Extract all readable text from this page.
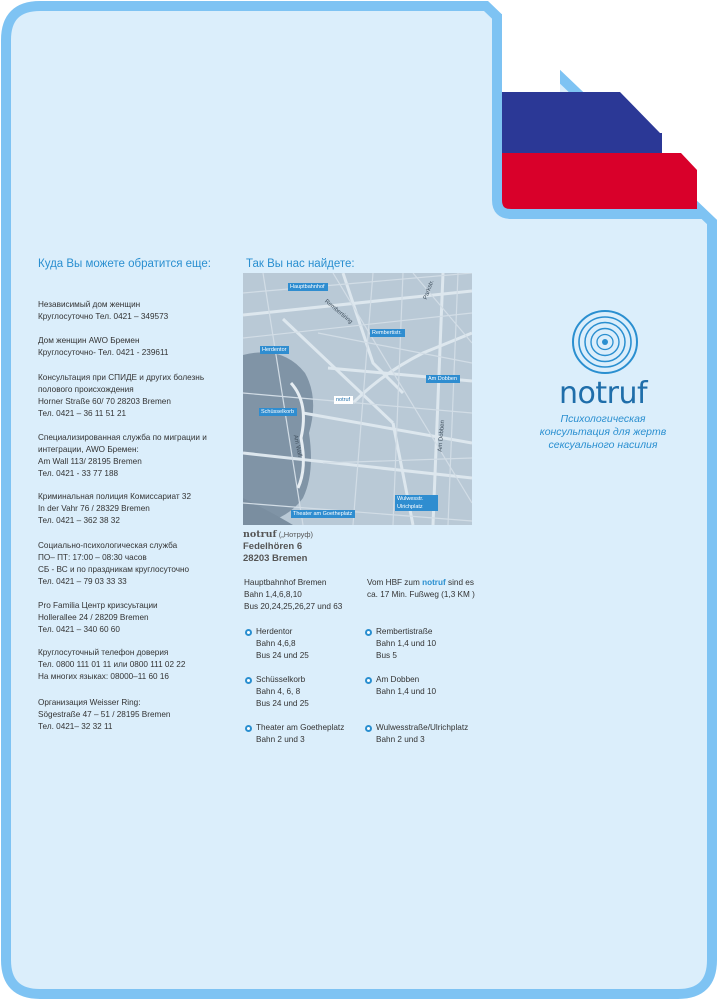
Куда Вы можете обратится еще:
Независимый дом женщин
Круглосуточно Тел. 0421 – 349573
Дом женщин AWO Бремен
Круглосуточно- Тел. 0421 - 239611
Консультация при СПИДЕ и других болезнь
полового происхождения
Horner Straße 60/ 70 28203 Bremen
Тел. 0421 – 36 11 51 21
Специализированная служба по миграции и
интеграции, AWO Бремен:
Am Wall 113/ 28195 Bremen
Тел. 0421 - 33 77 188
Криминальная полиция Комиссариат 32
In der Vahr 76 / 28329 Bremen
Тел. 0421 – 362 38 32
Социально-психологическая служба
ПО– ПТ: 17:00 – 08:30 часов
СБ - ВС и по праздникам круглосуточно
Тел. 0421 – 79 03 33 33
Pro Familia Центр кризсуьтации
Hollerallee 24 / 28209 Bremen
Тел. 0421 – 340 60 60
Круглосуточный телефон доверия
Тел. 0800 111 01 11 или 0800 111 02 22
На многих языках: 08000–11 60 16
Организация Weisser Ring:
Sögestraße 47 – 51 / 28195 Bremen
Тел. 0421– 32 32 11
Так Вы нас найдете:
Hauptbahnhof
Rembertistr.
Herdentor
Am Dobben
notruf
Schüsselkorb
Wulwesstr. Ulrichplatz
Theater am Goetheplatz
Rembertiring
Am Wall	Am Dobben
Parkstr.
notruf („Нотруф)
Fedelhören 6
28203 Bremen
Hauptbahnhof Bremen
Bahn 1,4,6,8,10
Bus 20,24,25,26,27 und 63
Vom HBF zum notruf sind es
ca. 17 Min. Fußweg (1,3 KM )
Herdentor
Bahn 4,6,8
Bus 24 und 25
Schüsselkorb
Bahn 4, 6, 8
Bus 24 und 25
Theater am Goetheplatz
Bahn 2 und 3
Rembertistraße
Bahn 1,4 und 10
Bus 5
Am Dobben
Bahn 1,4 und 10
Wulwesstraße/Ulrichplatz
Bahn 2 und 3
notruf
Психологическая
консультация для жертв
сексуального насилия
